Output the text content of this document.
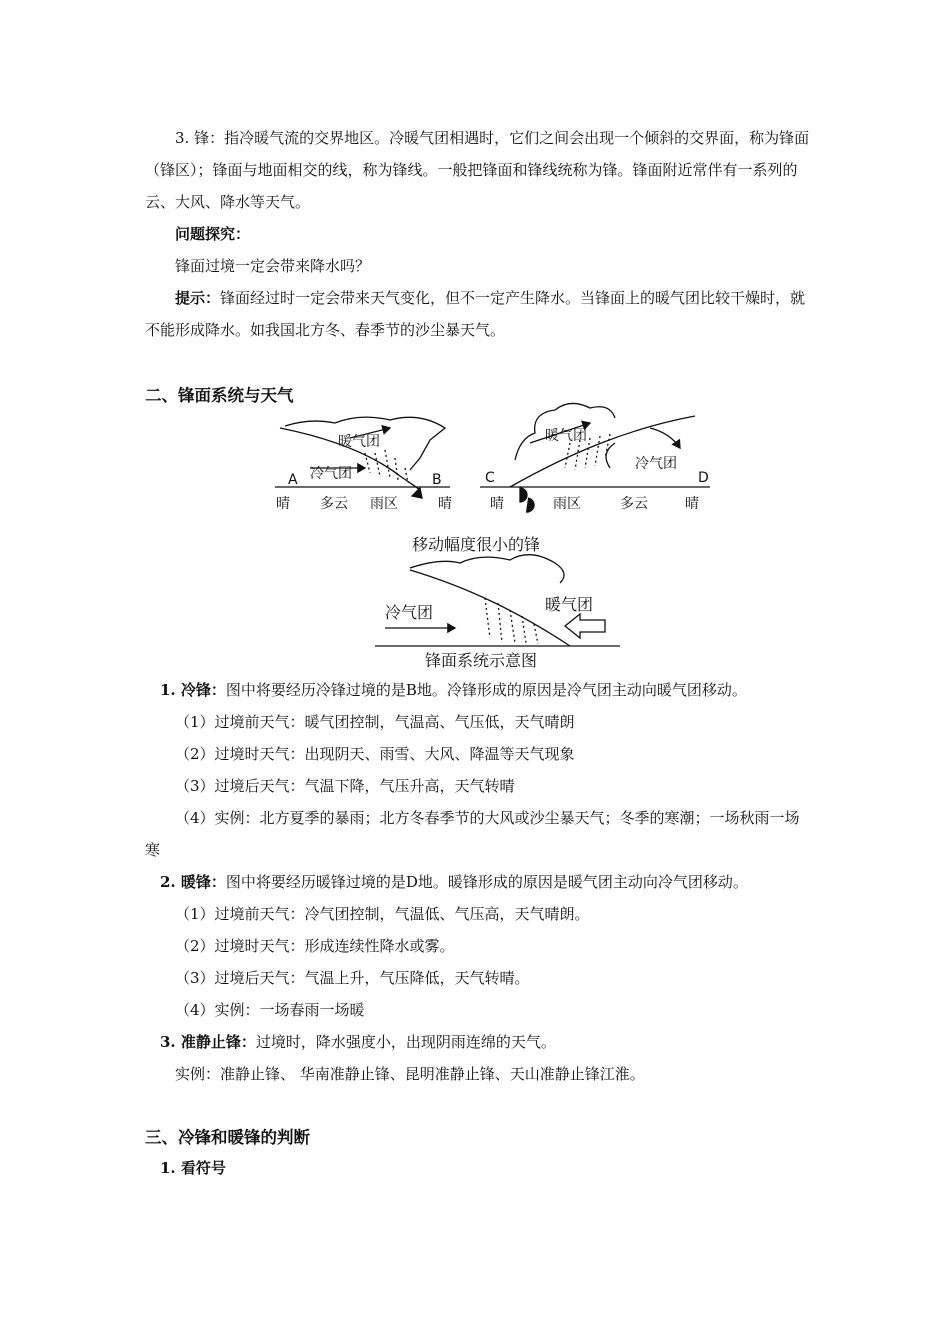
3. 锋：指冷暖气流的交界地区。冷暖气团相遇时，它们之间会出现一个倾斜的交界面，称为锋面（锋区）；锋面与地面相交的线，称为锋线。一般把锋面和锋线统称为锋。锋面附近常伴有一系列的云、大风、降水等天气。

问题探究：

锋面过境一定会带来降水吗？

提示：锋面经过时一定会带来天气变化，但不一定产生降水。当锋面上的暖气团比较干燥时，就不能形成降水。如我国北方冬、春季节的沙尘暴天气。

二、锋面系统与天气
暖气团
冷气团
A	B
晴 多云 雨区	晴
暖气团
冷气团
C	D
晴	雨区	多云	晴
移动幅度很小的锋
冷气团	暖气团
锋面系统示意图

1. 冷锋：图中将要经历冷锋过境的是B地。冷锋形成的原因是冷气团主动向暖气团移动。

（1）过境前天气：暖气团控制，气温高、气压低，天气晴朗

（2）过境时天气：出现阴天、雨雪、大风、降温等天气现象

（3）过境后天气：气温下降，气压升高，天气转晴

（4）实例：北方夏季的暴雨；北方冬春季节的大风或沙尘暴天气；冬季的寒潮；一场秋雨一场寒

2. 暖锋：图中将要经历暖锋过境的是D地。暖锋形成的原因是暖气团主动向冷气团移动。

（1）过境前天气：冷气团控制，气温低、气压高，天气晴朗。

（2）过境时天气：形成连续性降水或雾。

（3）过境后天气：气温上升，气压降低，天气转晴。

（4）实例：一场春雨一场暖

3. 准静止锋：过境时，降水强度小，出现阴雨连绵的天气。

实例：准静止锋、 华南准静止锋、昆明准静止锋、天山准静止锋江淮。

三、冷锋和暖锋的判断

1. 看符号
